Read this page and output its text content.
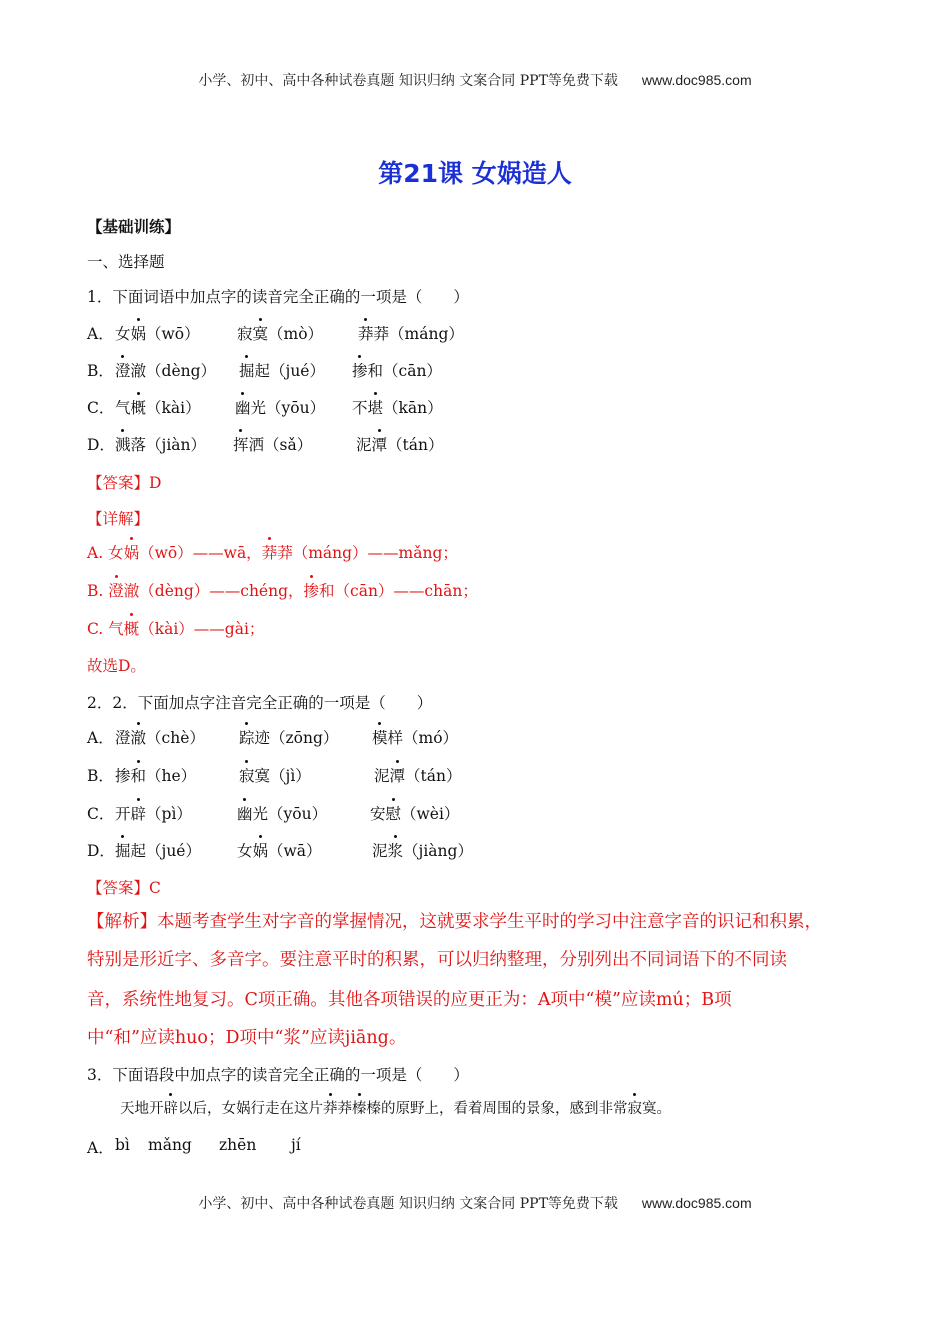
小学、初中、高中各种试卷真题 知识归纳 文案合同 PPT等免费下载 www.doc985.com
第21课 女娲造人
【基础训练】
一、选择题
1．下面词语中加点字的读音完全正确的一项是（　　）
A． 女娲（wō） 寂寞（mò） 莽莽（máng）
B． 澄澈（dèng） 掘起（jué） 掺和（cān）
C． 气概（kài） 幽光（yōu） 不堪（kān）
D． 溅落（jiàn） 挥洒（sǎ）	泥潭（tán）
【答案】D
【详解】
A. 女娲（wō）——wā，莽莽（máng）——mǎng；
B. 澄澈（dèng）——chéng，掺和（cān）——chān；
C. 气概（kài）——gài；
故选D。
2．2．下面加点字注音完全正确的一项是（　　）
A． 澄澈（chè） 踪迹（zōng） 模样（mó）
B． 掺和（he）	寂寞（jì）	泥潭（tán）
C． 开辟（pì）	幽光（yōu）	安慰（wèi）
D． 掘起（jué） 女娲（wā）	泥浆（jiàng）
【答案】C
【解析】本题考查学生对字音的掌握情况，这就要求学生平时的学习中注意字音的识记和积累，
特别是形近字、多音字。要注意平时的积累，可以归纳整理，分别列出不同词语下的不同读
音，系统性地复习。C项正确。其他各项错误的应更正为：A项中“模”应读mú；B项
中“和”应读huo；D项中“浆”应读jiāng。
3．下面语段中加点字的读音完全正确的一项是（　　）
天地开辟以后，女娲行走在这片莽莽榛榛的原野上，看着周围的景象，感到非常寂寞。
A． bì mǎng zhēn jí
小学、初中、高中各种试卷真题 知识归纳 文案合同 PPT等免费下载 www.doc985.com
